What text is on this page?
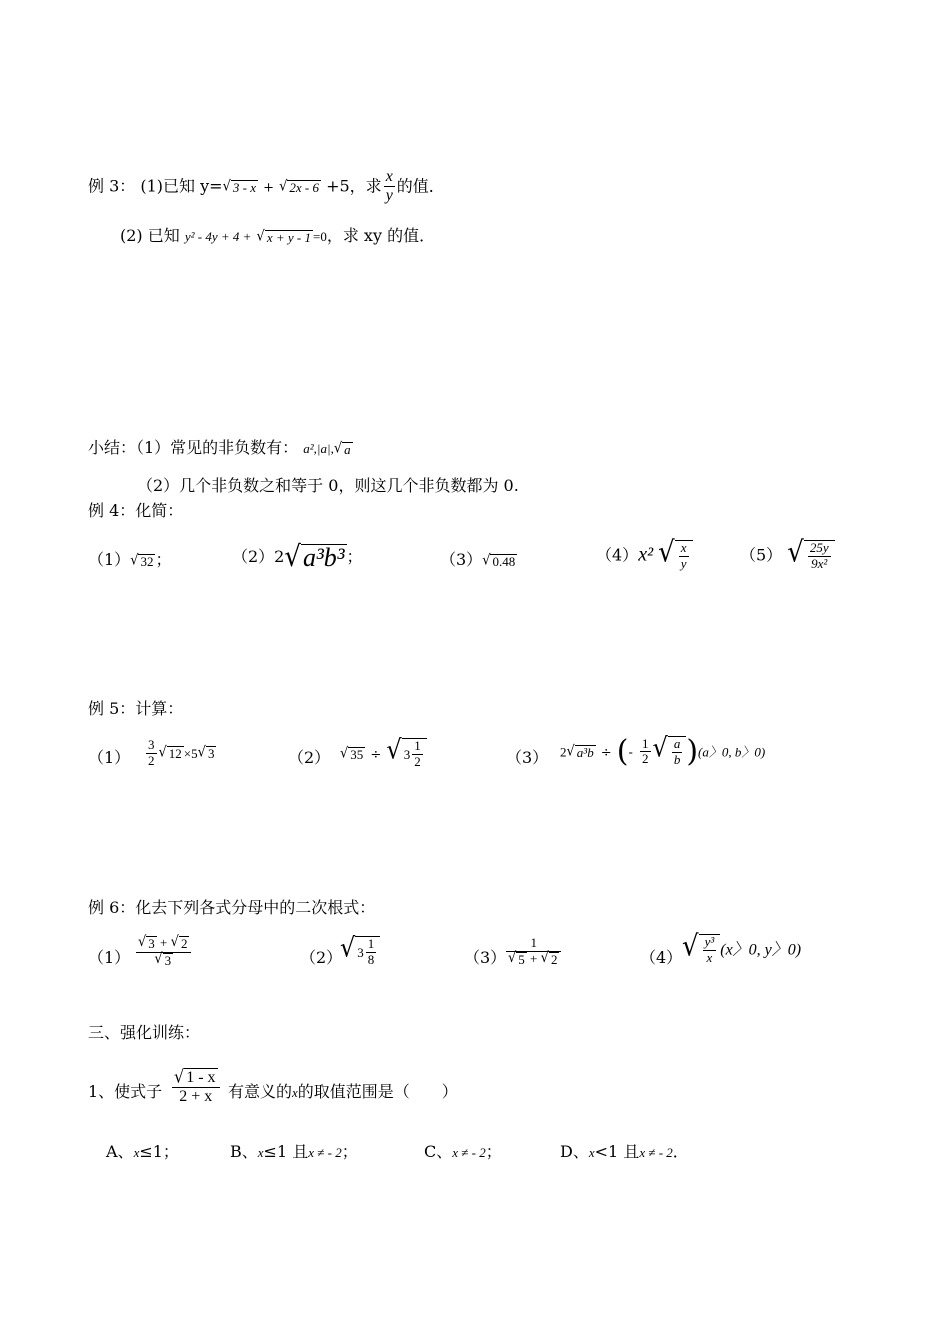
例 3： (1)已知 y= √ 3 - x + √ 2x - 6 +5，求 $\frac{x}{y}$ 的值．
(2) 已知 y² - 4y + 4 + √ x + y - 1 =0，求 xy 的值．
小结：（1）常见的非负数有： a²,|a|, √ a
（2）几个非负数之和等于 0，则这几个非负数都为 0.
例 4：化简：
（1） √ 32 ；	（2）2 √ a³b³ ；	（3） √ 0.48	（4）x² √ $\frac{x}{y}$	（5） √ $\frac{25y}{\text{9x²}}$
例 5：计算：
$(1) \frac{3}{2}$ √ 12 ×5 √ 3	（2） √ 35 ÷ √ $3 \frac{1}{2}$	（3） 2 √ a³b ÷ (- $\frac{1}{2}$ √ $\frac{a}{b} )(a$〉0, b〉0)
例 6：化去下列各式分母中的二次根式：
$(1) \frac{√ 3 + √ 2}{√ 3}$	（2）
√ $3 \frac{1}{8}$	$(3) \frac{1}{√ 5 + √ 2}$	（4） √ $\frac{\text{y³}}{x} (x$〉0, y〉0)
三、强化训练：
1、使式子 $\frac{√ 1 - x}{2 + x}$ 有意义的x的取值范围是（　　）
A、x≤1；	B、x≤1 且x ≠ - 2；	C、x ≠ - 2；	D、x<1 且x ≠ - 2．
